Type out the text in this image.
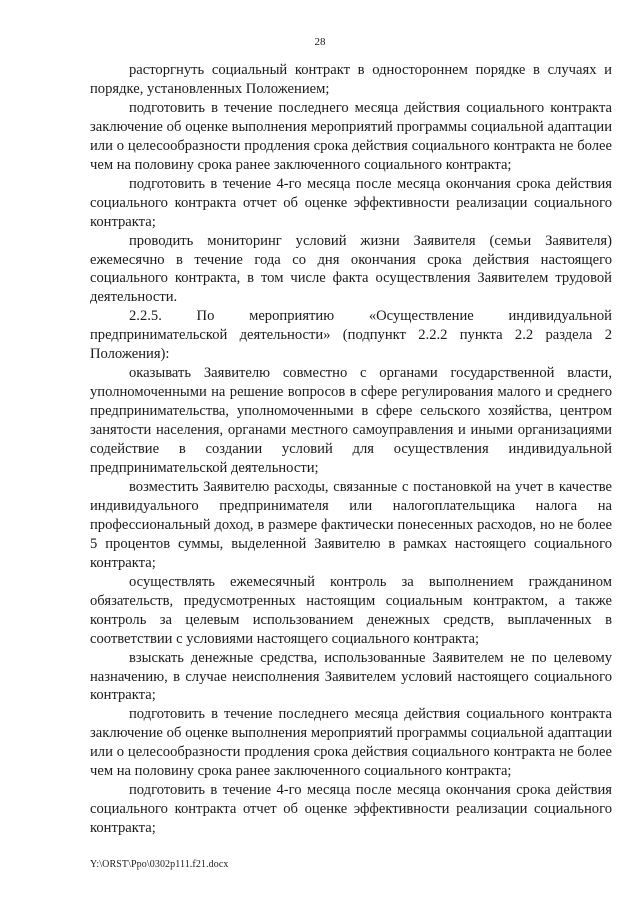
28

расторгнуть социальный контракт в одностороннем порядке в случаях и порядке, установленных Положением;

подготовить в течение последнего месяца действия социального контракта заключение об оценке выполнения мероприятий программы социальной адаптации или о целесообразности продления срока действия социального контракта не более чем на половину срока ранее заключенного социального контракта;

подготовить в течение 4-го месяца после месяца окончания срока действия социального контракта отчет об оценке эффективности реализации социального контракта;

проводить мониторинг условий жизни Заявителя (семьи Заявителя) ежемесячно в течение года со дня окончания срока действия настоящего социального контракта, в том числе факта осуществления Заявителем трудовой деятельности.

2.2.5. По мероприятию «Осуществление индивидуальной предпринимательской деятельности» (подпункт 2.2.2 пункта 2.2 раздела 2 Положения):

оказывать Заявителю совместно с органами государственной власти, уполномоченными на решение вопросов в сфере регулирования малого и среднего предпринимательства, уполномоченными в сфере сельского хозяйства, центром занятости населения, органами местного самоуправления и иными организациями содействие в создании условий для осуществления индивидуальной предпринимательской деятельности;

возместить Заявителю расходы, связанные с постановкой на учет в качестве индивидуального предпринимателя или налогоплательщика налога на профессиональный доход, в размере фактически понесенных расходов, но не более 5 процентов суммы, выделенной Заявителю в рамках настоящего социального контракта;

осуществлять ежемесячный контроль за выполнением гражданином обязательств, предусмотренных настоящим социальным контрактом, а также контроль за целевым использованием денежных средств, выплаченных в соответствии с условиями настоящего социального контракта;

взыскать денежные средства, использованные Заявителем не по целевому назначению, в случае неисполнения Заявителем условий настоящего социального контракта;

подготовить в течение последнего месяца действия социального контракта заключение об оценке выполнения мероприятий программы социальной адаптации или о целесообразности продления срока действия социального контракта не более чем на половину срока ранее заключенного социального контракта;

подготовить в течение 4-го месяца после месяца окончания срока действия социального контракта отчет об оценке эффективности реализации социального контракта;

Y:\ORST\Ppo\0302p111.f21.docx
